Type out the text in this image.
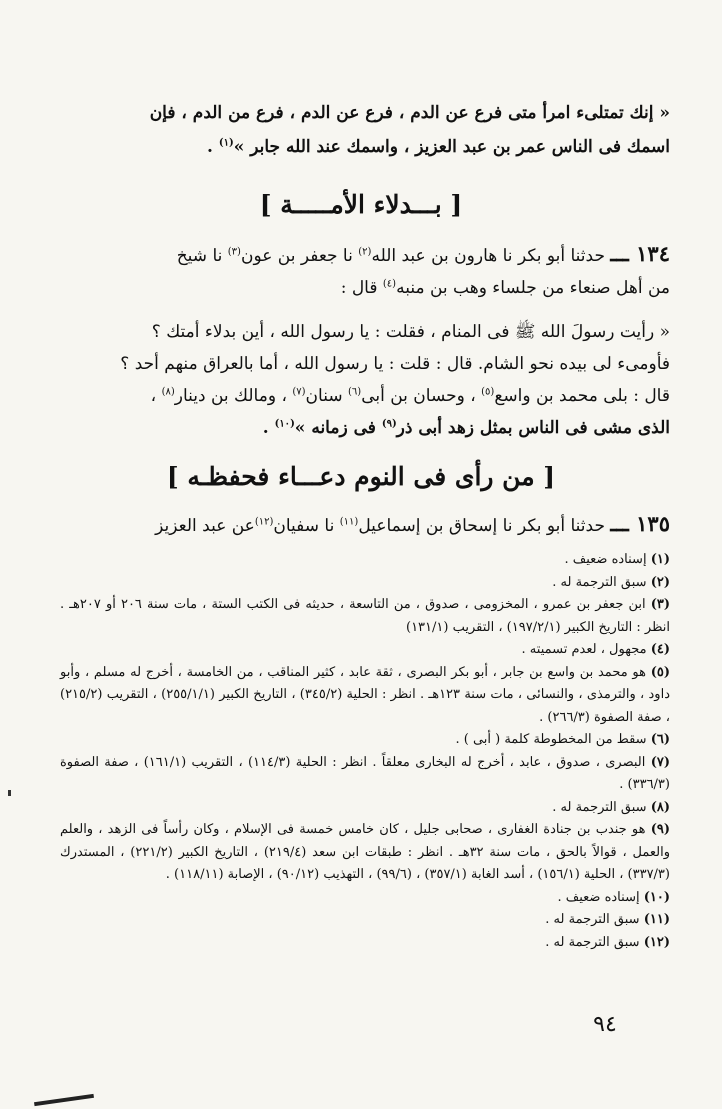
« إنك تمتلىء امرأ متى فرع عن الدم ، فرع عن الدم ، فرع من الدم ، فإن
اسمك فى الناس عمر بن عبد العزيز ، واسمك عند الله جابر »$^{(١)}$ .
[ بـــدلاء الأمـــــة ]
١٣٤ ـــ حدثنا أبو بكر نا هارون بن عبد الله$^{(٢)}$ نا جعفر بن عون$^{(٣)}$ نا شيخ
من أهل صنعاء من جلساء وهب بن منبه$^{(٤)}$ قال :
« رأيت رسولَ الله ﷺ فى المنام ، فقلت : يا رسول الله ، أين بدلاء أمتك ؟
فأومىء لى بيده نحو الشام. قال : قلت : يا رسول الله ، أما بالعراق منهم أحد ؟
قال : بلى محمد بن واسع$^{(٥)}$ ، وحسان بن أبى$^{(٦)}$ سنان$^{(٧)}$ ، ومالك بن دينار$^{(٨)}$ ،
الذى مشى فى الناس بمثل زهد أبى ذر$^{(٩)}$ فى زمانه »$^{(١٠)}$ .
[ من رأى فى النوم دعـــاء فحفظـه ]
١٣٥ ـــ حدثنا أبو بكر نا إسحاق بن إسماعيل$^{(١١)}$ نا سفيان$^{(١٢)}$عن عبد العزيز
(١) إسناده ضعيف .
(٢) سبق الترجمة له .
(٣) ابن جعفر بن عمرو ، المخزومى ، صدوق ، من التاسعة ، حديثه فى الكتب الستة ، مات سنة ٢٠٦ أو ٢٠٧هـ . انظر : التاريخ الكبير (١٩٧/٢/١) ، التقريب (١٣١/١)
(٤) مجهول ، لعدم تسميته .
(٥) هو محمد بن واسع بن جابر ، أبو بكر البصرى ، ثقة عابد ، كثير المناقب ، من الخامسة ، أخرج له مسلم ، وأبو داود ، والترمذى ، والنسائى ، مات سنة ١٢٣هـ . انظر : الحلية (٣٤٥/٢) ، التاريخ الكبير (٢٥٥/١/١) ، التقريب (٢١٥/٢) ، صفة الصفوة (٢٦٦/٣) .
(٦) سقط من المخطوطة كلمة ( أبى ) .
(٧) البصرى ، صدوق ، عابد ، أخرج له البخارى معلقاً . انظر : الحلية (١١٤/٣) ، التقريب (١٦١/١) ، صفة الصفوة (٣٣٦/٣) .
(٨) سبق الترجمة له .
(٩) هو جندب بن جنادة الغفارى ، صحابى جليل ، كان خامس خمسة فى الإسلام ، وكان رأساً فى الزهد ، والعلم والعمل ، قوالاً بالحق ، مات سنة ٣٢هـ . انظر : طبقات ابن سعد (٢١٩/٤) ، التاريخ الكبير (٢٢١/٢) ، المستدرك (٣٣٧/٣) ، الحلية (١٥٦/١) ، أسد الغابة (٣٥٧/١) ، (٩٩/٦) ، التهذيب (٩٠/١٢) ، الإصابة (١١٨/١١) .
(١٠) إسناده ضعيف .
(١١) سبق الترجمة له .
(١٢) سبق الترجمة له .
٩٤
